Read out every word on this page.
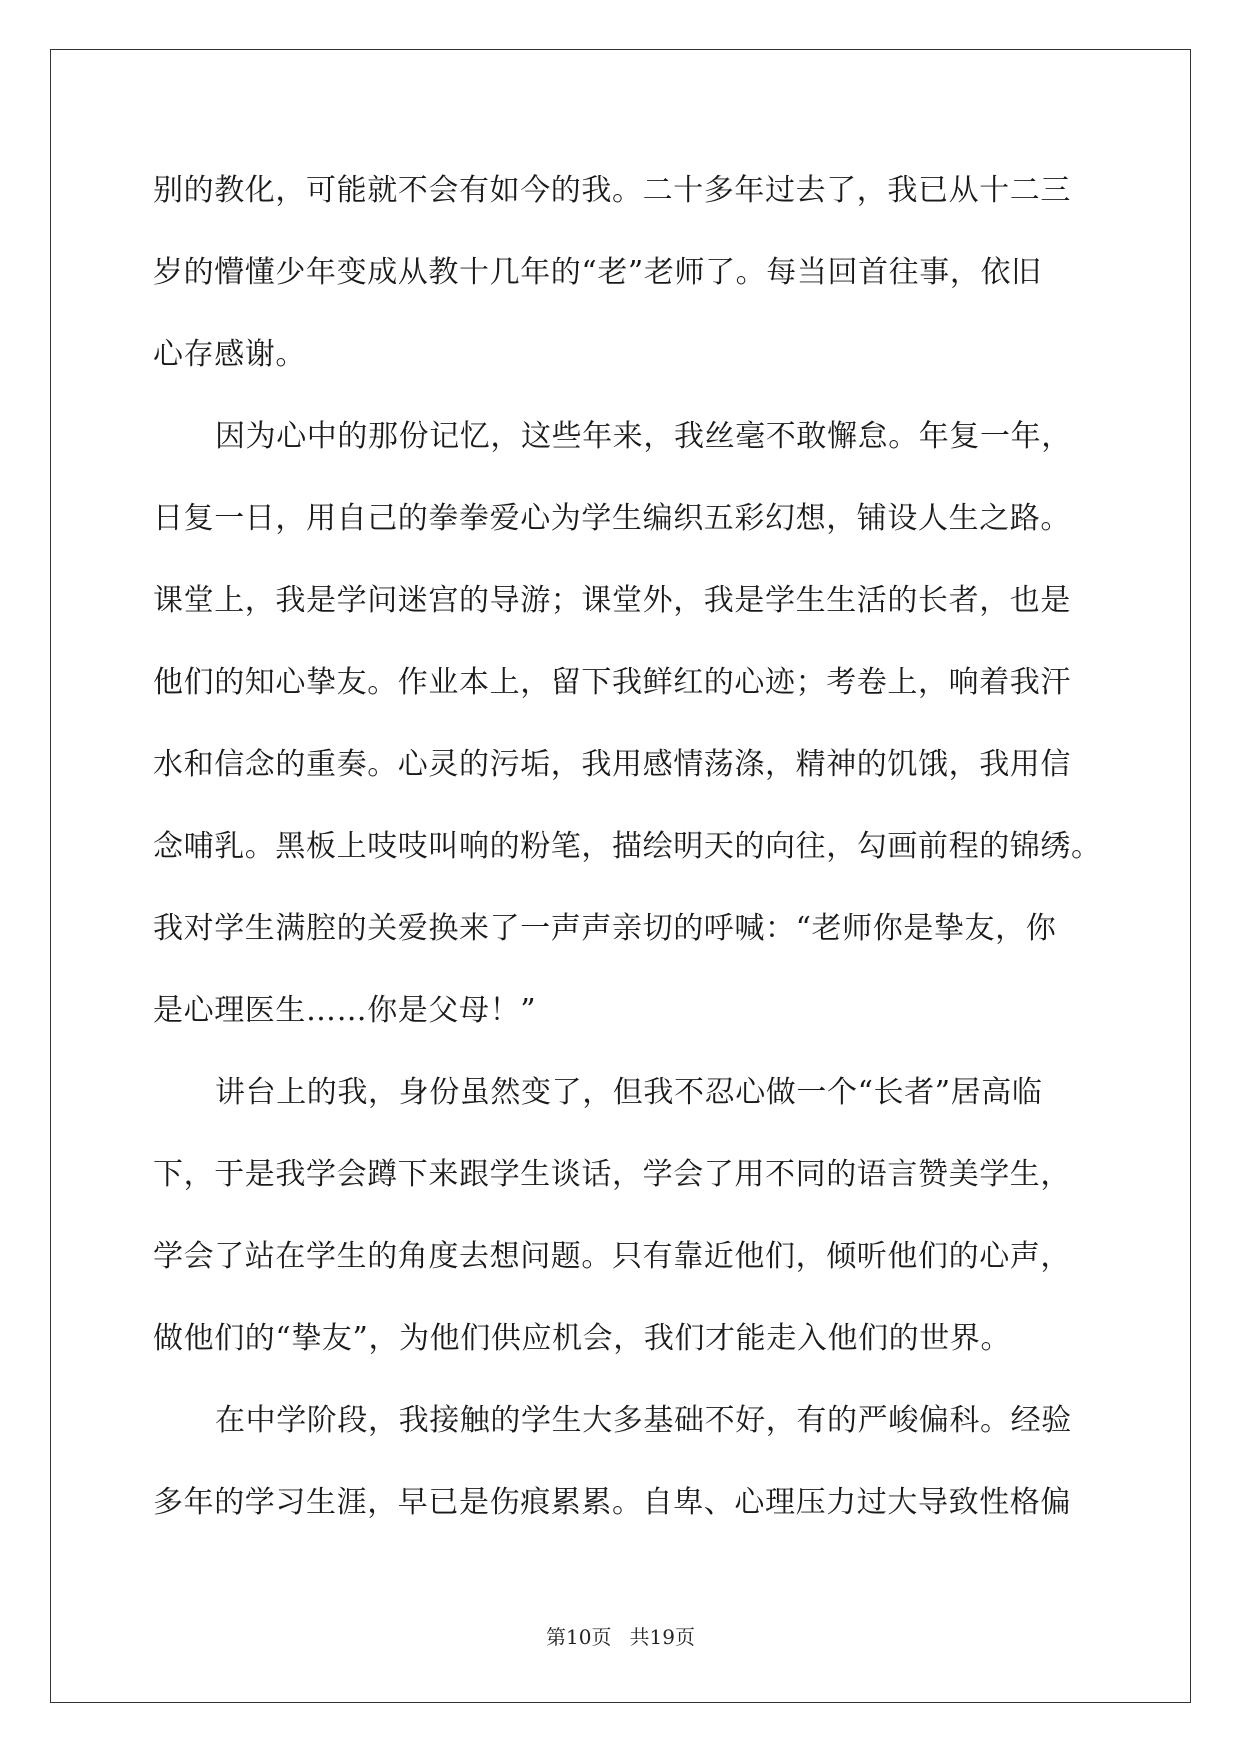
别的教化，可能就不会有如今的我。二十多年过去了，我已从十二三
岁的懵懂少年变成从教十几年的“老”老师了。每当回首往事，依旧
心存感谢。
因为心中的那份记忆，这些年来，我丝毫不敢懈怠。年复一年，
日复一日，用自己的拳拳爱心为学生编织五彩幻想，铺设人生之路。
课堂上，我是学问迷宫的导游；课堂外，我是学生生活的长者，也是
他们的知心挚友。作业本上，留下我鲜红的心迹；考卷上，响着我汗
水和信念的重奏。心灵的污垢，我用感情荡涤，精神的饥饿，我用信
念哺乳。黑板上吱吱叫响的粉笔，描绘明天的向往，勾画前程的锦绣。
我对学生满腔的关爱换来了一声声亲切的呼喊：“老师你是挚友，你
是心理医生……你是父母！”
讲台上的我，身份虽然变了，但我不忍心做一个“长者”居高临
下，于是我学会蹲下来跟学生谈话，学会了用不同的语言赞美学生，
学会了站在学生的角度去想问题。只有靠近他们，倾听他们的心声，
做他们的“挚友”，为他们供应机会，我们才能走入他们的世界。
在中学阶段，我接触的学生大多基础不好，有的严峻偏科。经验
多年的学习生涯，早已是伤痕累累。自卑、心理压力过大导致性格偏
第10页 共19页
